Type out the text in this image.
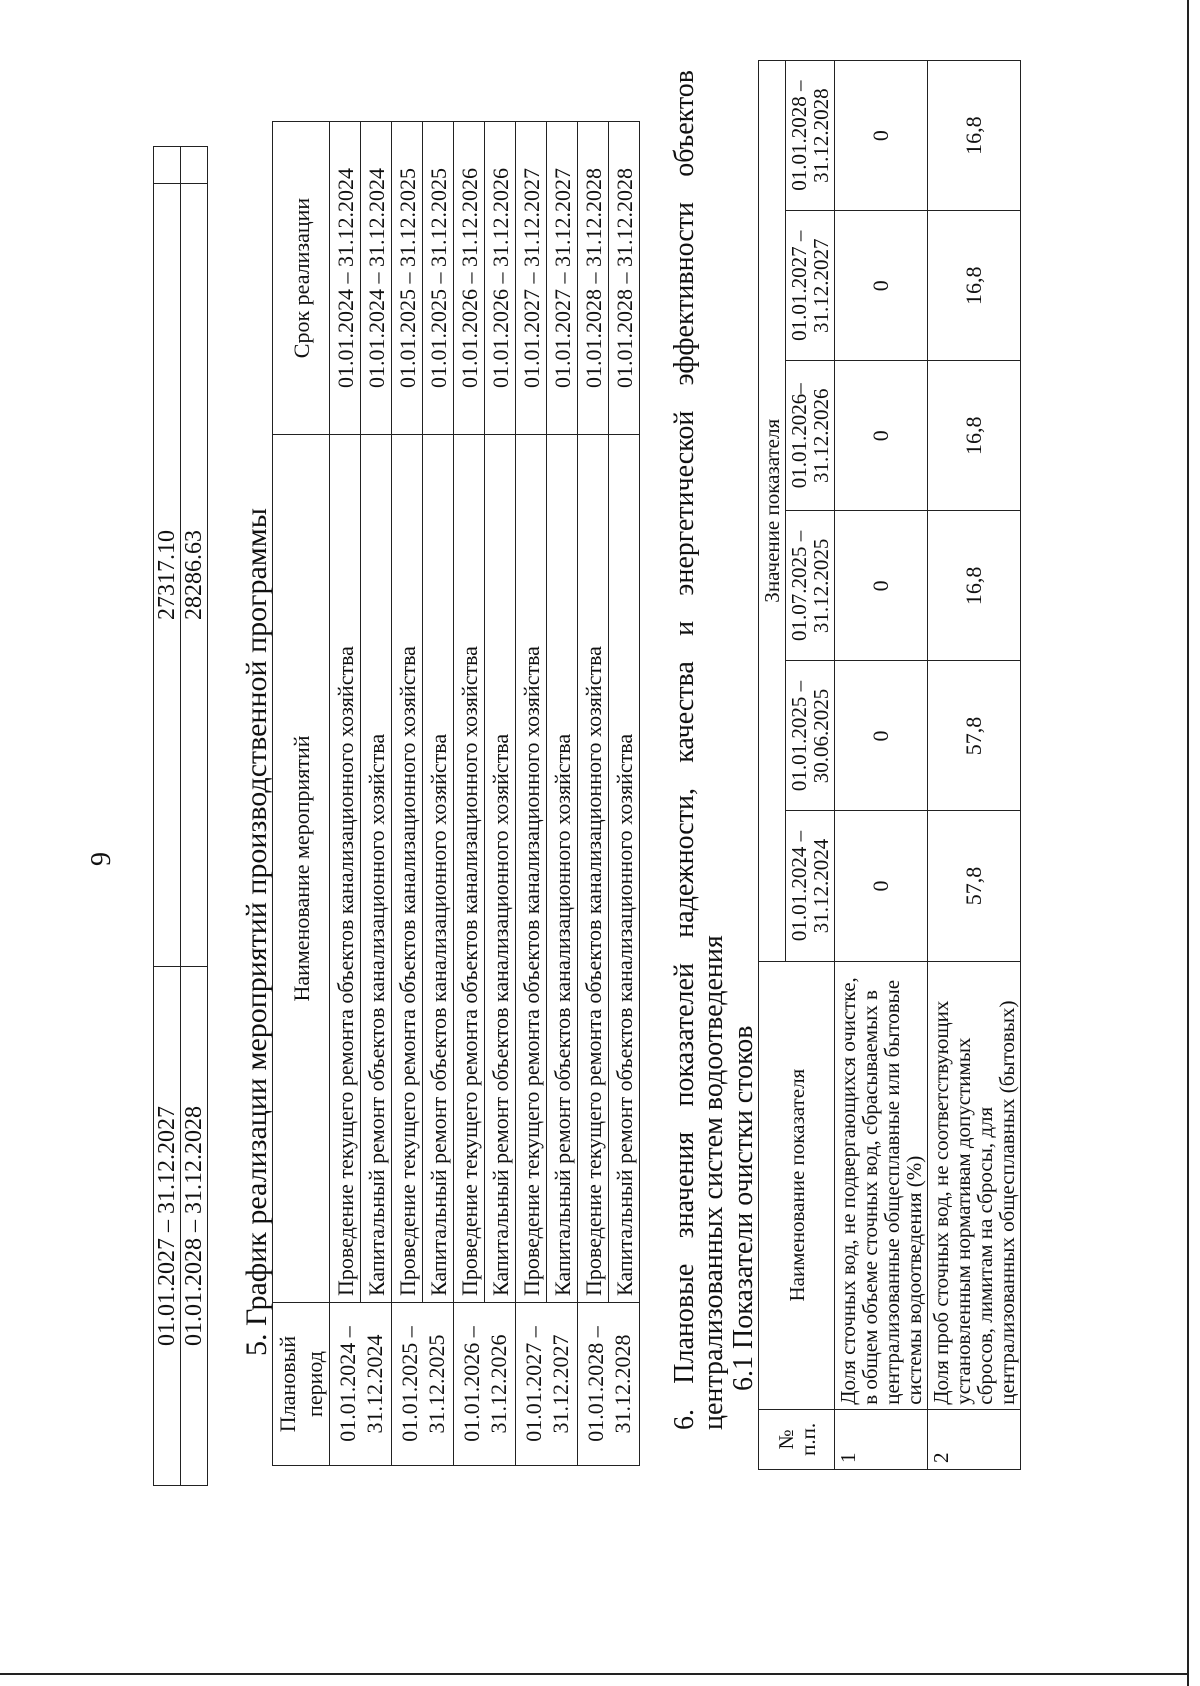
9
01.01.2027 – 31.12.2027	27317.10	
01.01.2028 – 31.12.2028	28286.63	5. График реализации мероприятий производственной программы
Плановый период	Наименование мероприятий	Срок реализации
01.01.2024 – 31.12.2024	Проведение текущего ремонта объектов канализационного хозяйства	01.01.2024 – 31.12.2024
	Капитальный ремонт объектов канализационного хозяйства	01.01.2024 – 31.12.2024
01.01.2025 – 31.12.2025	Проведение текущего ремонта объектов канализационного хозяйства	01.01.2025 – 31.12.2025
	Капитальный ремонт объектов канализационного хозяйства	01.01.2025 – 31.12.2025
01.01.2026 – 31.12.2026	Проведение текущего ремонта объектов канализационного хозяйства	01.01.2026 – 31.12.2026
	Капитальный ремонт объектов канализационного хозяйства	01.01.2026 – 31.12.2026
01.01.2027 – 31.12.2027	Проведение текущего ремонта объектов канализационного хозяйства	01.01.2027 – 31.12.2027
	Капитальный ремонт объектов канализационного хозяйства	01.01.2027 – 31.12.2027
01.01.2028 – 31.12.2028	Проведение текущего ремонта объектов канализационного хозяйства	01.01.2028 – 31.12.2028
	Капитальный ремонт объектов канализационного хозяйства	01.01.2028 – 31.12.2028 6. Плановые значения показателей надежности, качества и энергетической эффективности объектов
централизованных систем водоотведения 6.1 Показатели очистки стоков
№ п.п.	Наименование показателя	Значение показателя					
		01.01.2024 – 31.12.2024	01.01.2025 – 30.06.2025	01.07.2025 – 31.12.2025	01.01.2026– 31.12.2026	01.01.2027 – 31.12.2027	01.01.2028 – 31.12.2028
1	Доля сточных вод, не подвергающихся очистке, в общем объеме сточных вод, сбрасываемых в централизованные общесплавные или бытовые системы водоотведения (%)	0	0	0	0	0	0
2	Доля проб сточных вод, не соответствующих установленным нормативам допустимых сбросов, лимитам на сбросы, для централизованных общесплавных (бытовых)	57,8	57,8	16,8	16,8	16,8	16,8
